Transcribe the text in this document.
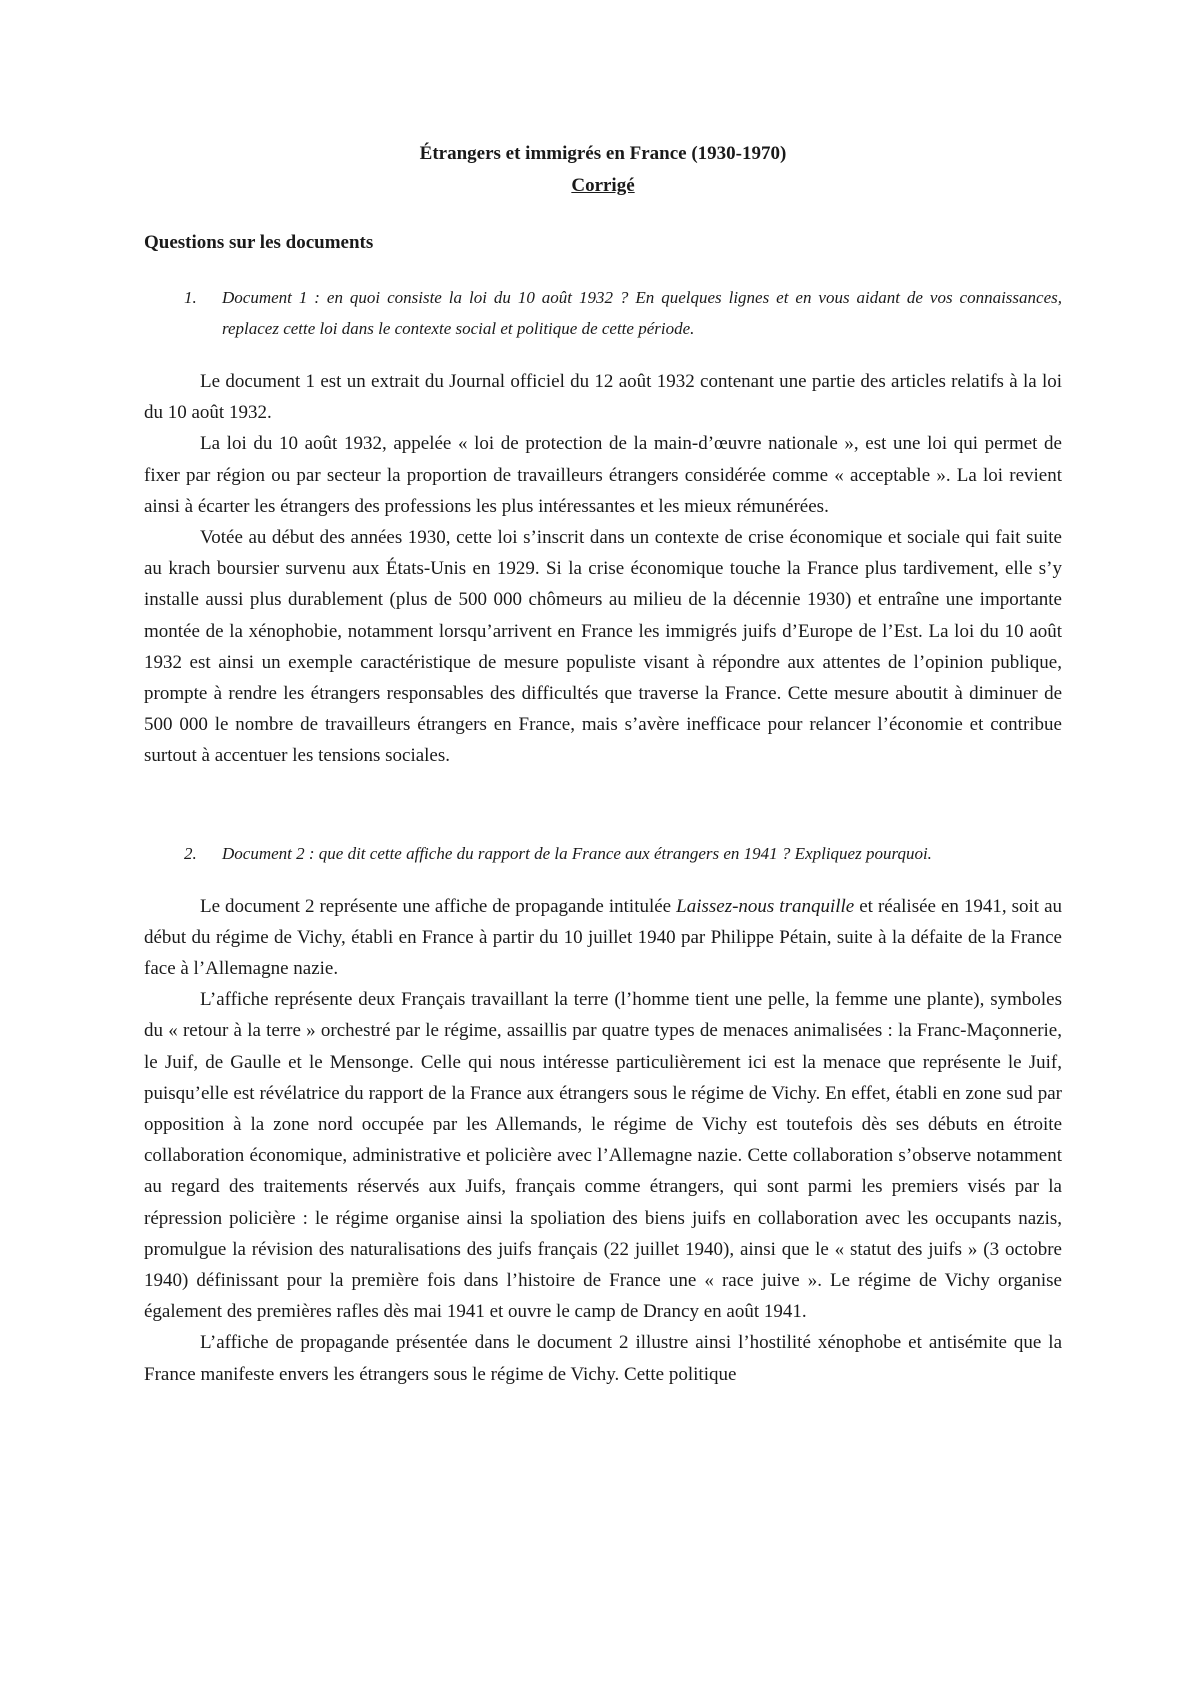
Étrangers et immigrés en France (1930-1970)
Corrigé
Questions sur les documents
1.	Document 1 : en quoi consiste la loi du 10 août 1932 ? En quelques lignes et en vous aidant de vos connaissances, replacez cette loi dans le contexte social et politique de cette période.

Le document 1 est un extrait du Journal officiel du 12 août 1932 contenant une partie des articles relatifs à la loi du 10 août 1932.

La loi du 10 août 1932, appelée « loi de protection de la main-d’œuvre nationale », est une loi qui permet de fixer par région ou par secteur la proportion de travailleurs étrangers considérée comme « acceptable ». La loi revient ainsi à écarter les étrangers des professions les plus intéressantes et les mieux rémunérées.

Votée au début des années 1930, cette loi s’inscrit dans un contexte de crise économique et sociale qui fait suite au krach boursier survenu aux États-Unis en 1929. Si la crise économique touche la France plus tardivement, elle s’y installe aussi plus durablement (plus de 500 000 chômeurs au milieu de la décennie 1930) et entraîne une importante montée de la xénophobie, notamment lorsqu’arrivent en France les immigrés juifs d’Europe de l’Est. La loi du 10 août 1932 est ainsi un exemple caractéristique de mesure populiste visant à répondre aux attentes de l’opinion publique, prompte à rendre les étrangers responsables des difficultés que traverse la France. Cette mesure aboutit à diminuer de 500 000 le nombre de travailleurs étrangers en France, mais s’avère inefficace pour relancer l’économie et contribue surtout à accentuer les tensions sociales.

2.	Document 2 : que dit cette affiche du rapport de la France aux étrangers en 1941 ? Expliquez pourquoi.

Le document 2 représente une affiche de propagande intitulée Laissez-nous tranquille et réalisée en 1941, soit au début du régime de Vichy, établi en France à partir du 10 juillet 1940 par Philippe Pétain, suite à la défaite de la France face à l’Allemagne nazie.

L’affiche représente deux Français travaillant la terre (l’homme tient une pelle, la femme une plante), symboles du « retour à la terre » orchestré par le régime, assaillis par quatre types de menaces animalisées : la Franc-Maçonnerie, le Juif, de Gaulle et le Mensonge. Celle qui nous intéresse particulièrement ici est la menace que représente le Juif, puisqu’elle est révélatrice du rapport de la France aux étrangers sous le régime de Vichy. En effet, établi en zone sud par opposition à la zone nord occupée par les Allemands, le régime de Vichy est toutefois dès ses débuts en étroite collaboration économique, administrative et policière avec l’Allemagne nazie. Cette collaboration s’observe notamment au regard des traitements réservés aux Juifs, français comme étrangers, qui sont parmi les premiers visés par la répression policière : le régime organise ainsi la spoliation des biens juifs en collaboration avec les occupants nazis, promulgue la révision des naturalisations des juifs français (22 juillet 1940), ainsi que le « statut des juifs » (3 octobre 1940) définissant pour la première fois dans l’histoire de France une « race juive ». Le régime de Vichy organise également des premières rafles dès mai 1941 et ouvre le camp de Drancy en août 1941.

L’affiche de propagande présentée dans le document 2 illustre ainsi l’hostilité xénophobe et antisémite que la France manifeste envers les étrangers sous le régime de Vichy. Cette politique
